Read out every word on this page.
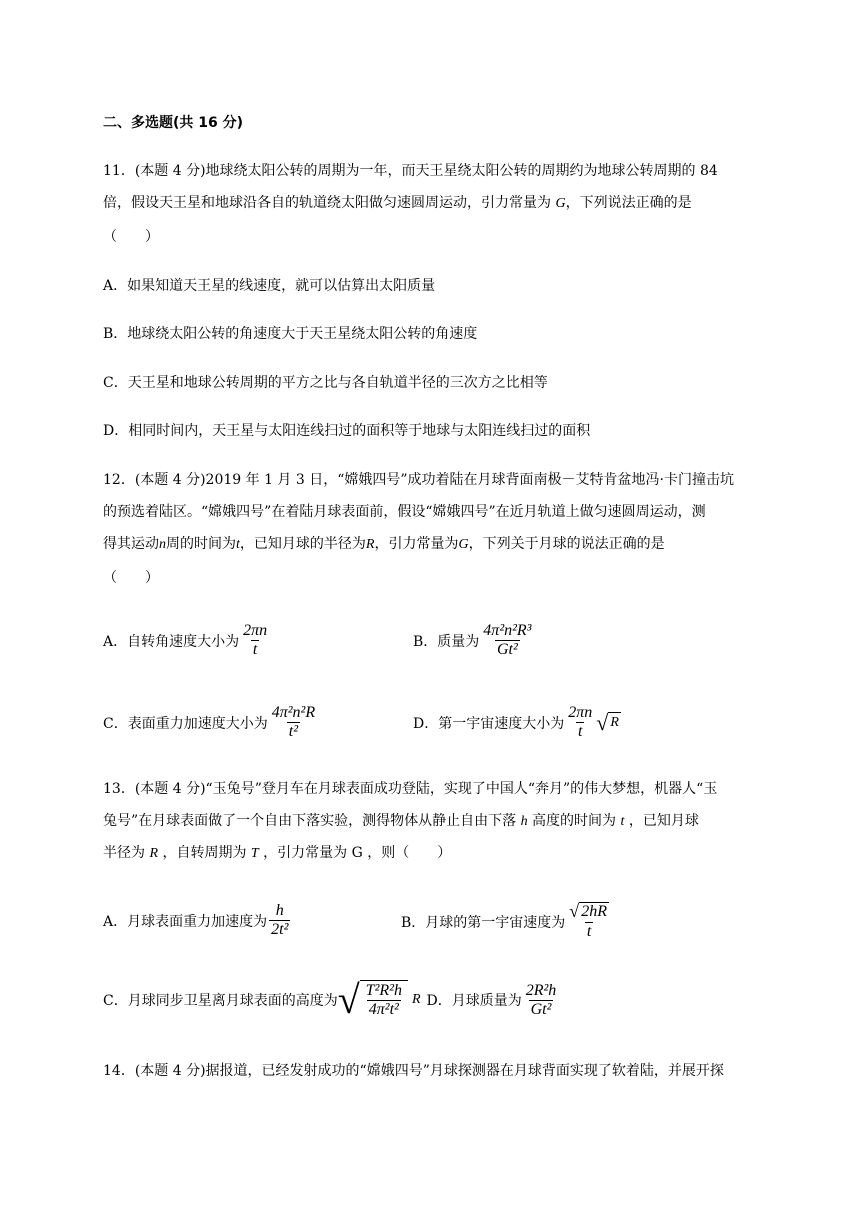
二、多选题(共 16 分)
11．(本题 4 分)地球绕太阳公转的周期为一年，而天王星绕太阳公转的周期约为地球公转周期的 84
倍，假设天王星和地球沿各自的轨道绕太阳做匀速圆周运动，引力常量为 G，下列说法正确的是
（　　）
A．如果知道天王星的线速度，就可以估算出太阳质量
B．地球绕太阳公转的角速度大于天王星绕太阳公转的角速度
C．天王星和地球公转周期的平方之比与各自轨道半径的三次方之比相等
D．相同时间内，天王星与太阳连线扫过的面积等于地球与太阳连线扫过的面积
12．(本题 4 分)2019 年 1 月 3 日，“嫦娥四号”成功着陆在月球背面南极－艾特肯盆地冯·卡门撞击坑
的预选着陆区。“嫦娥四号”在着陆月球表面前，假设“嫦娥四号”在近月轨道上做匀速圆周运动，测
得其运动n周的时间为t，已知月球的半径为R，引力常量为G，下列关于月球的说法正确的是
（　　）
A．自转角速度大小为 $\frac{2\pi n}{t}$	B．质量为 $\frac{\text{4π²n²R³}}{\text{Gt²}}$
C．表面重力加速度大小为 $\frac{\text{4π²n²R}}{\text{t²}}$	D．第一宇宙速度大小为 $\frac{2\pi n}{t}$ √ R
13．(本题 4 分)“玉兔号”登月车在月球表面成功登陆，实现了中国人“奔月”的伟大梦想，机器人“玉
兔号”在月球表面做了一个自由下落实验，测得物体从静止自由下落 h 高度的时间为 t ，已知月球
半径为 R ，自转周期为 T ，引力常量为 G ，则（　　）
A．月球表面重力加速度为 $\frac{h}{\text{2t²}}$	B．月球的第一宇宙速度为 $\frac{√ 2hR}{t}$
C．月球同步卫星离月球表面的高度为 √ $\frac{\text{T²R²h}}{\text{4π²t²}}$ R D．月球质量为 $\frac{\text{2R²h}}{\text{Gt²}}$
14．(本题 4 分)据报道，已经发射成功的“嫦娥四号”月球探测器在月球背面实现了软着陆，并展开探
